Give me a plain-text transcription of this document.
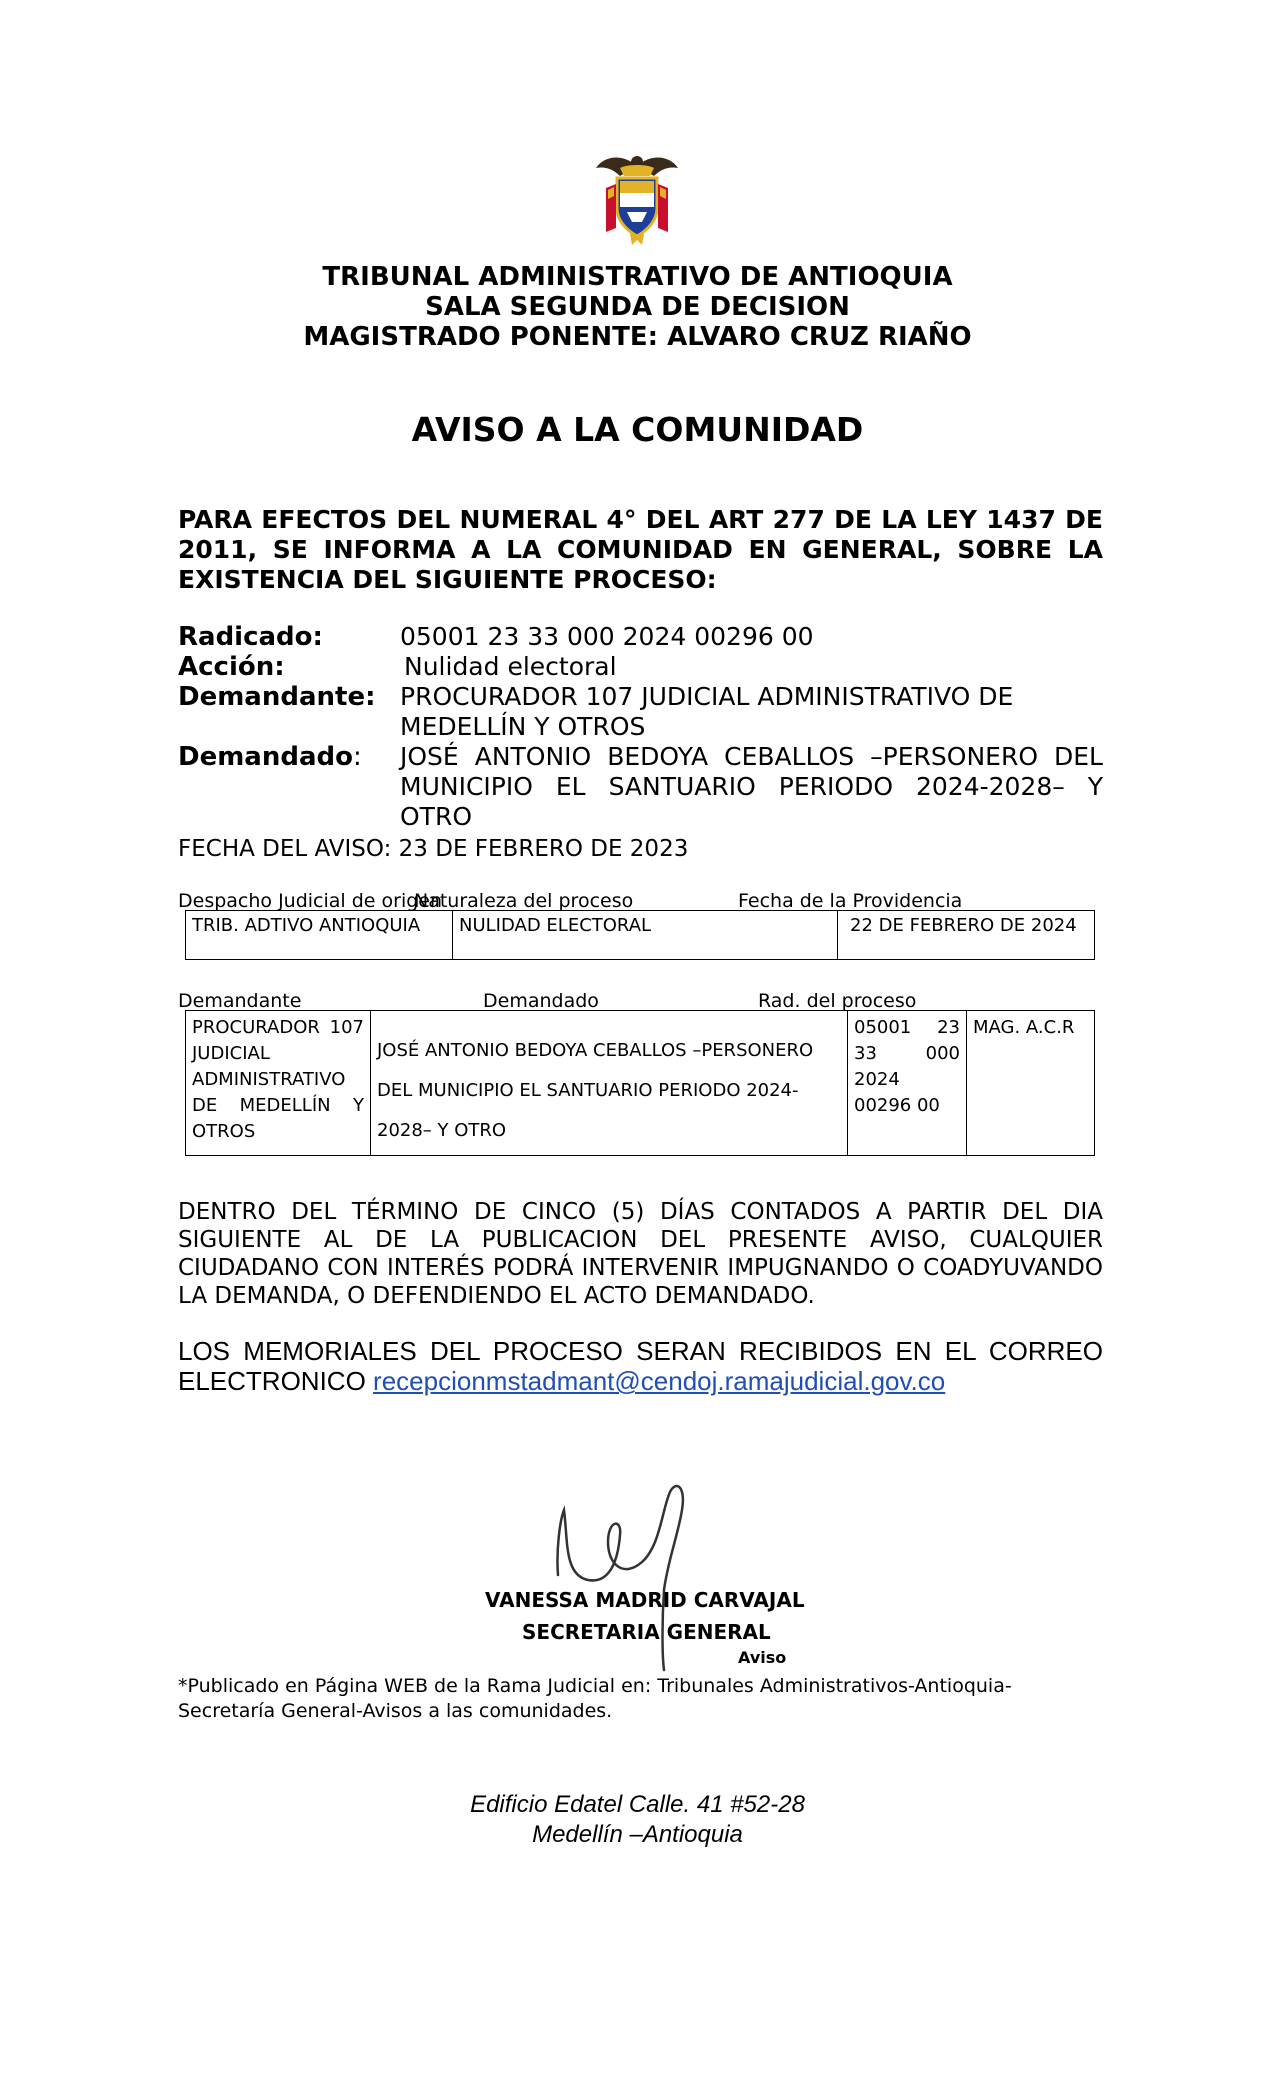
TRIBUNAL ADMINISTRATIVO DE ANTIOQUIA
SALA SEGUNDA DE DECISION
MAGISTRADO PONENTE: ALVARO CRUZ RIAÑO
AVISO A LA COMUNIDAD
PARA EFECTOS DEL NUMERAL 4° DEL ART 277 DE LA LEY 1437 DE 2011, SE INFORMA A LA COMUNIDAD EN GENERAL, SOBRE LA EXISTENCIA DEL SIGUIENTE PROCESO:
Radicado:	05001 23 33 000 2024 00296 00
Acción:	Nulidad electoral
Demandante: PROCURADOR 107 JUDICIAL ADMINISTRATIVO DE MEDELLÍN Y OTROS
Demandado: JOSÉ ANTONIO BEDOYA CEBALLOS –PERSONERO DEL MUNICIPIO EL SANTUARIO PERIODO 2024-2028– Y OTRO
FECHA DEL AVISO: 23 DE FEBRERO DE 2023
Despacho Judicial de origen
Naturaleza del proceso	Fecha de la Providencia
TRIB. ADTIVO ANTIOQUIA	NULIDAD ELECTORAL	22 DE FEBRERO DE 2024
Demandante	Demandado	Rad. del proceso
PROCURADOR 107 JUDICIAL ADMINISTRATIVO DE MEDELLÍN Y OTROS	JOSÉ ANTONIO BEDOYA CEBALLOS –PERSONERO DEL MUNICIPIO EL SANTUARIO PERIODO 2024-2028– Y OTRO	05001 23 33 000 2024 00296 00	MAG. A.C.R
DENTRO DEL TÉRMINO DE CINCO (5) DÍAS CONTADOS A PARTIR DEL DIA SIGUIENTE AL DE LA PUBLICACION DEL PRESENTE AVISO, CUALQUIER CIUDADANO CON INTERÉS PODRÁ INTERVENIR IMPUGNANDO O COADYUVANDO LA DEMANDA, O DEFENDIENDO EL ACTO DEMANDADO.
LOS MEMORIALES DEL PROCESO SERAN RECIBIDOS EN EL CORREO ELECTRONICO recepcionmstadmant@cendoj.ramajudicial.gov.co
VANESSA MADRID CARVAJAL
SECRETARIA GENERAL
Aviso
*Publicado en Página WEB de la Rama Judicial en: Tribunales Administrativos-Antioquia-Secretaría General-Avisos a las comunidades.
Edificio Edatel Calle. 41 #52-28
Medellín –Antioquia
